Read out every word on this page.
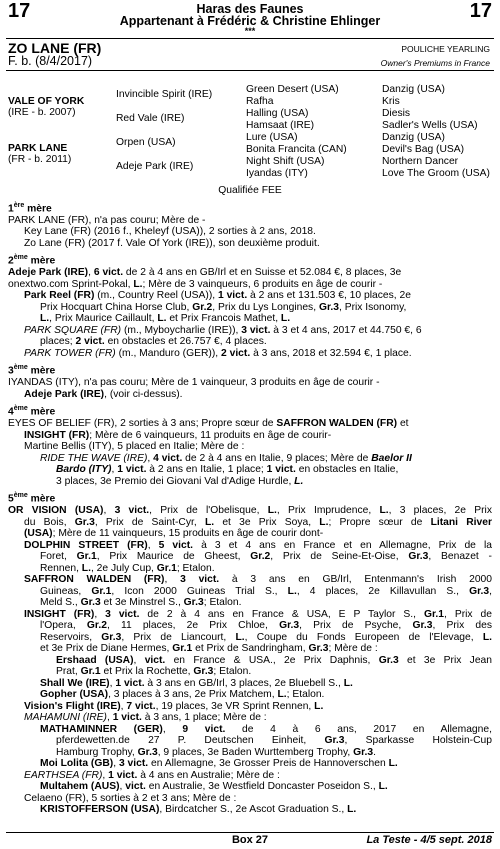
17	17
Haras des Faunes
Appartenant à Frédéric & Christine Ehlinger
***
ZO LANE (FR)
F. b. (8/4/2017)
POULICHE YEARLING
Owner's Premiums in France
VALE OF YORK
(IRE - b. 2007)
PARK LANE
(FR - b. 2011)
Invincible Spirit (IRE)
Red Vale (IRE)
Orpen (USA)
Adeje Park (IRE)
Green Desert (USA)
Rafha
Halling (USA)
Hamsaat (IRE)
Lure (USA)
Bonita Francita (CAN)
Night Shift (USA)
Iyandas (ITY)
Danzig (USA)
Kris
Diesis
Sadler's Wells (USA)
Danzig (USA)
Devil's Bag (USA)
Northern Dancer
Love The Groom (USA)
Qualifiée FEE
1ère mère
PARK LANE (FR), n'a pas couru; Mère de -
Key Lane (FR) (2016 f., Kheleyf (USA)), 2 sorties à 2 ans, 2018.
Zo Lane (FR) (2017 f. Vale Of York (IRE)), son deuxième produit.
2ème mère
Adeje Park (IRE), 6 vict. de 2 à 4 ans en GB/Irl et en Suisse et 52.084 €, 8 places, 3e
onextwo.com Sprint-Pokal, L.; Mère de 3 vainqueurs, 6 produits en âge de courir -
Park Reel (FR) (m., Country Reel (USA)), 1 vict. à 2 ans et 131.503 €, 10 places, 2e
Prix Hocquart China Horse Club, Gr.2, Prix du Lys Longines, Gr.3, Prix Isonomy,
L., Prix Maurice Caillault, L. et Prix Francois Mathet, L.
PARK SQUARE (FR) (m., Myboycharlie (IRE)), 3 vict. à 3 et 4 ans, 2017 et 44.750 €, 6
places; 2 vict. en obstacles et 26.757 €, 4 places.
PARK TOWER (FR) (m., Manduro (GER)), 2 vict. à 3 ans, 2018 et 32.594 €, 1 place.
3ème mère
IYANDAS (ITY), n'a pas couru; Mère de 1 vainqueur, 3 produits en âge de courir -
Adeje Park (IRE), (voir ci-dessus).
4ème mère
EYES OF BELIEF (FR), 2 sorties à 3 ans; Propre sœur de SAFFRON WALDEN (FR) et
INSIGHT (FR); Mère de 6 vainqueurs, 11 produits en âge de courir-
Martine Bellis (ITY), 5 placed en Italie; Mère de :
RIDE THE WAVE (IRE), 4 vict. de 2 à 4 ans en Italie, 9 places; Mère de Baelor II
Bardo (ITY), 1 vict. à 2 ans en Italie, 1 place; 1 vict. en obstacles en Italie,
3 places, 3e Premio dei Giovani Val d'Adige Hurdle, L.
5ème mère
OR VISION (USA), 3 vict., Prix de l'Obelisque, L., Prix Imprudence, L., 3 places, 2e Prix
du Bois, Gr.3, Prix de Saint-Cyr, L. et 3e Prix Soya, L.; Propre sœur de Litani River
(USA); Mère de 11 vainqueurs, 15 produits en âge de courir dont-
DOLPHIN STREET (FR), 5 vict. à 3 et 4 ans en France et en Allemagne, Prix de la
Foret, Gr.1, Prix Maurice de Gheest, Gr.2, Prix de Seine-Et-Oise, Gr.3, Benazet -
Rennen, L., 2e July Cup, Gr.1; Etalon.
SAFFRON WALDEN (FR), 3 vict. à 3 ans en GB/Irl, Entenmann's Irish 2000
Guineas, Gr.1, Icon 2000 Guineas Trial S., L., 4 places, 2e Killavullan S., Gr.3,
Meld S., Gr.3 et 3e Minstrel S., Gr.3; Etalon.
INSIGHT (FR), 3 vict. de 2 à 4 ans en France & USA, E P Taylor S., Gr.1, Prix de
l'Opera, Gr.2, 11 places, 2e Prix Chloe, Gr.3, Prix de Psyche, Gr.3, Prix des
Reservoirs, Gr.3, Prix de Liancourt, L., Coupe du Fonds Europeen de l'Elevage, L.
et 3e Prix de Diane Hermes, Gr.1 et Prix de Sandringham, Gr.3; Mère de :
Ershaad (USA), vict. en France & USA., 2e Prix Daphnis, Gr.3 et 3e Prix Jean
Prat, Gr.1 et Prix la Rochette, Gr.3; Etalon.
Shall We (IRE), 1 vict. à 3 ans en GB/Irl, 3 places, 2e Bluebell S., L.
Gopher (USA), 3 places à 3 ans, 2e Prix Matchem, L.; Etalon.
Vision's Flight (IRE), 7 vict., 19 places, 3e VR Sprint Rennen, L.
MAHAMUNI (IRE), 1 vict. à 3 ans, 1 place; Mère de :
MATHAMINNER (GER), 9 vict. de 4 à 6 ans, 2017 en Allemagne,
pferdewetten.de 27 P. Deutschen Einheit, Gr.3, Sparkasse Holstein-Cup
Hamburg Trophy, Gr.3, 9 places, 3e Baden Wurttemberg Trophy, Gr.3.
Moi Lolita (GB), 3 vict. en Allemagne, 3e Grosser Preis de Hannoverschen L.
EARTHSEA (FR), 1 vict. à 4 ans en Australie; Mère de :
Multahem (AUS), vict. en Australie, 3e Westfield Doncaster Poseidon S., L.
Celaeno (FR), 5 sorties à 2 et 3 ans; Mère de :
KRISTOFFERSON (USA), Birdcatcher S., 2e Ascot Graduation S., L.
Box 27	La Teste - 4/5 sept. 2018
